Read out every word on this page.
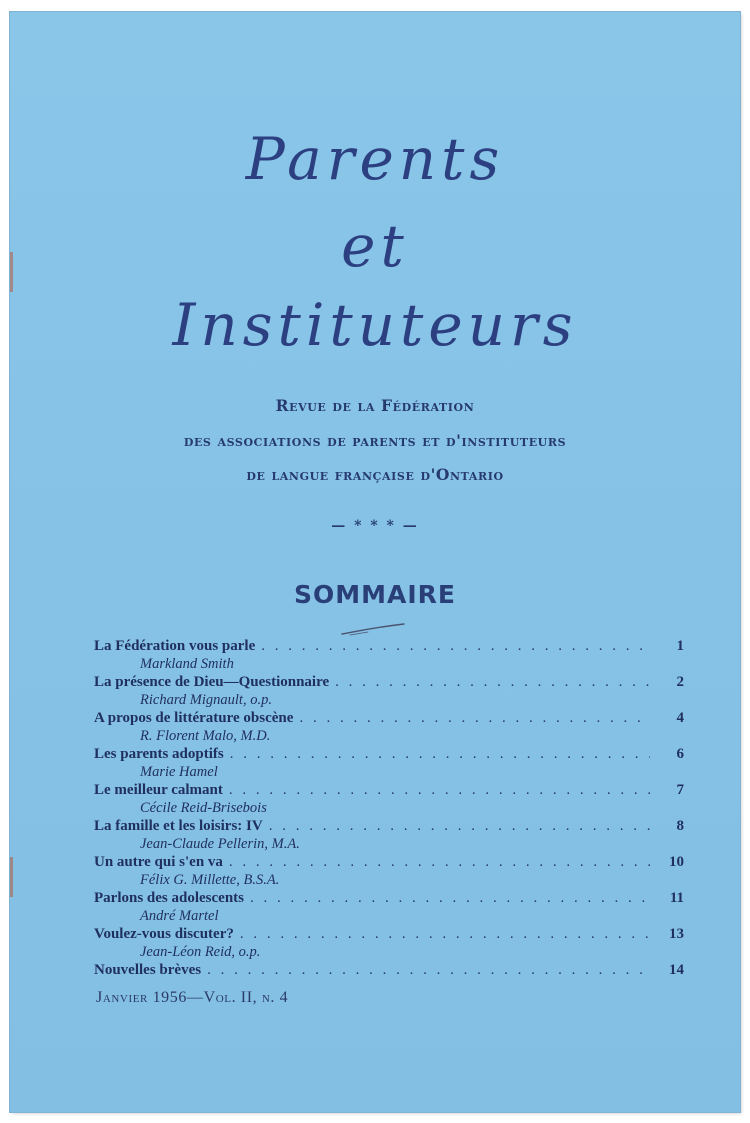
Parents
et
Instituteurs
Revue de la Fédération
des associations de parents et d'instituteurs
de langue française d'Ontario
— * * * —
SOMMAIRE
La Fédération vous parle . . .	1
Markland Smith
La présence de Dieu—Questionnaire . . .	2
Richard Mignault, o.p.
A propos de littérature obscène . . .	4
R. Florent Malo, M.D.
Les parents adoptifs . . .	6
Marie Hamel
Le meilleur calmant . . .	7
Cécile Reid-Brisebois
La famille et les loisirs: IV . . .	8
Jean-Claude Pellerin, M.A.
Un autre qui s'en va . . .	10
Félix G. Millette, B.S.A.
Parlons des adolescents . . .	11
André Martel
Voulez-vous discuter? . . .	13
Jean-Léon Reid, o.p.
Nouvelles brèves . . .	14
Janvier 1956—Vol. II, n. 4
